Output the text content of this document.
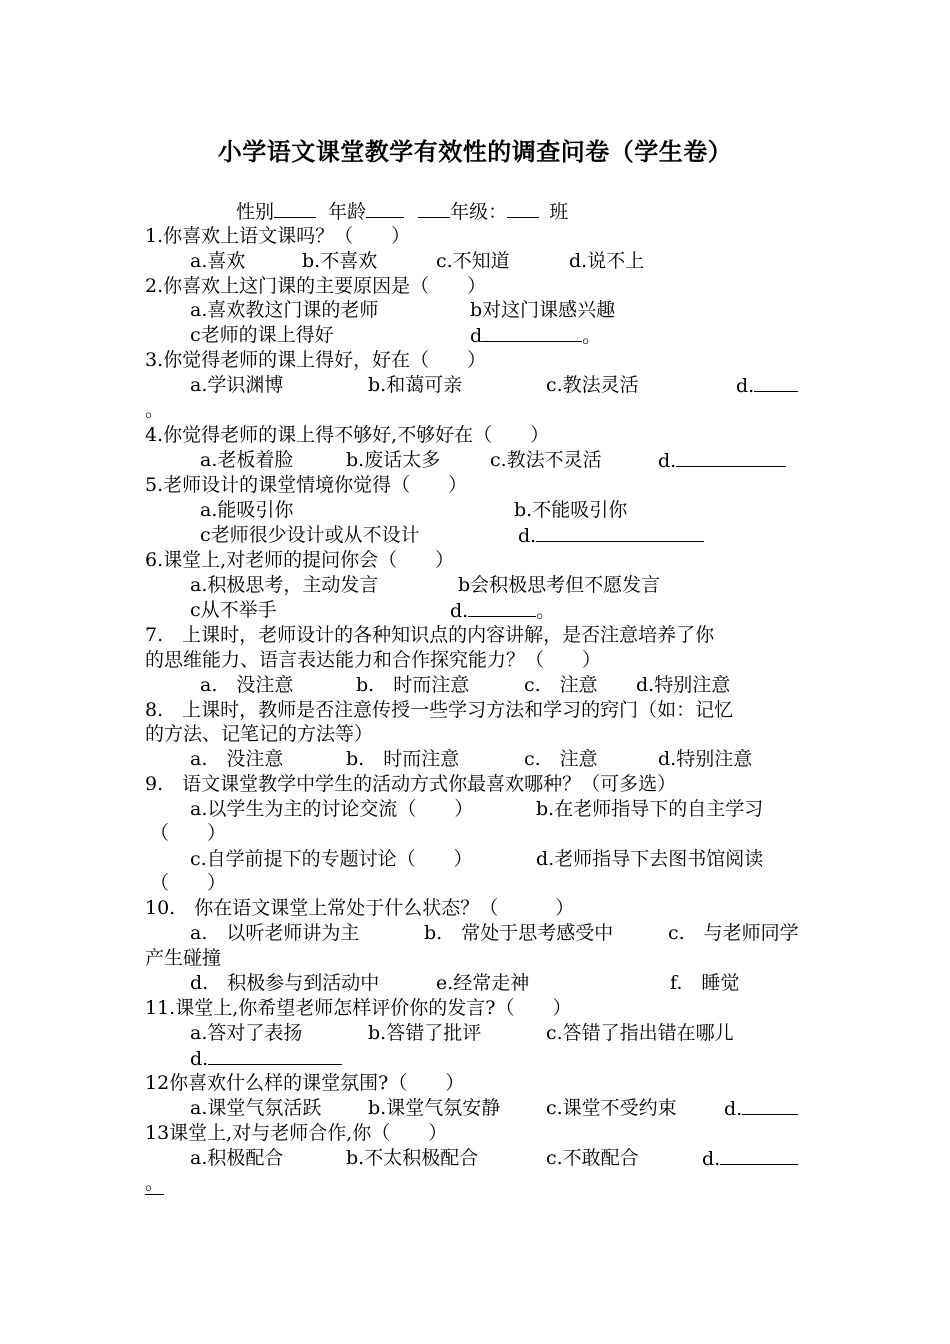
小学语文课堂教学有效性的调查问卷（学生卷）
性别	年龄	年级： 班
1.你喜欢上语文课吗？（　　）
a.喜欢	b.不喜欢	c.不知道	d.说不上
2.你喜欢上这门课的主要原因是（　　）
a.喜欢教这门课的老师	b对这门课感兴趣
c老师的课上得好	d	。
3.你觉得老师的课上得好，好在（　　）
a.学识渊博	b.和蔼可亲	c.教法灵活	d.
。
4.你觉得老师的课上得不够好,不够好在（　　）
a.老板着脸	b.废话太多	c.教法不灵活	d.
5.老师设计的课堂情境你觉得（　　）
a.能吸引你	b.不能吸引你
c老师很少设计或从不设计	d.
6.课堂上,对老师的提问你会（　　）
a.积极思考，主动发言	b会积极思考但不愿发言
c从不举手	d.	。
7.　上课时，老师设计的各种知识点的内容讲解，是否注意培养了你
的思维能力、语言表达能力和合作探究能力？（　　）
a.　没注意	b.　时而注意	c.　注意 d.特别注意
8.　上课时，教师是否注意传授一些学习方法和学习的窍门（如：记忆
的方法、记笔记的方法等）
a.　没注意	b.　时而注意	c.　注意	d.特别注意
9.　语文课堂教学中学生的活动方式你最喜欢哪种？（可多选）
a.以学生为主的讨论交流（　　）	b.在老师指导下的自主学习
（　　）
c.自学前提下的专题讨论（　　）	d.老师指导下去图书馆阅读
（　　）
10.　你在语文课堂上常处于什么状态？（　　　）
a.　以听老师讲为主	b.　常处于思考感受中	c.　与老师同学
产生碰撞
d.　积极参与到活动中	e.经常走神	f.　睡觉
11.课堂上,你希望老师怎样评价你的发言?（　　）
a.答对了表扬	b.答错了批评	c.答错了指出错在哪儿
d.
12你喜欢什么样的课堂氛围?（　　）
a.课堂气氛活跃 b.课堂气氛安静 c.课堂不受约束 d.
13课堂上,对与老师合作,你（　　）
a.积极配合	b.不太积极配合	c.不敢配合	d.
。
